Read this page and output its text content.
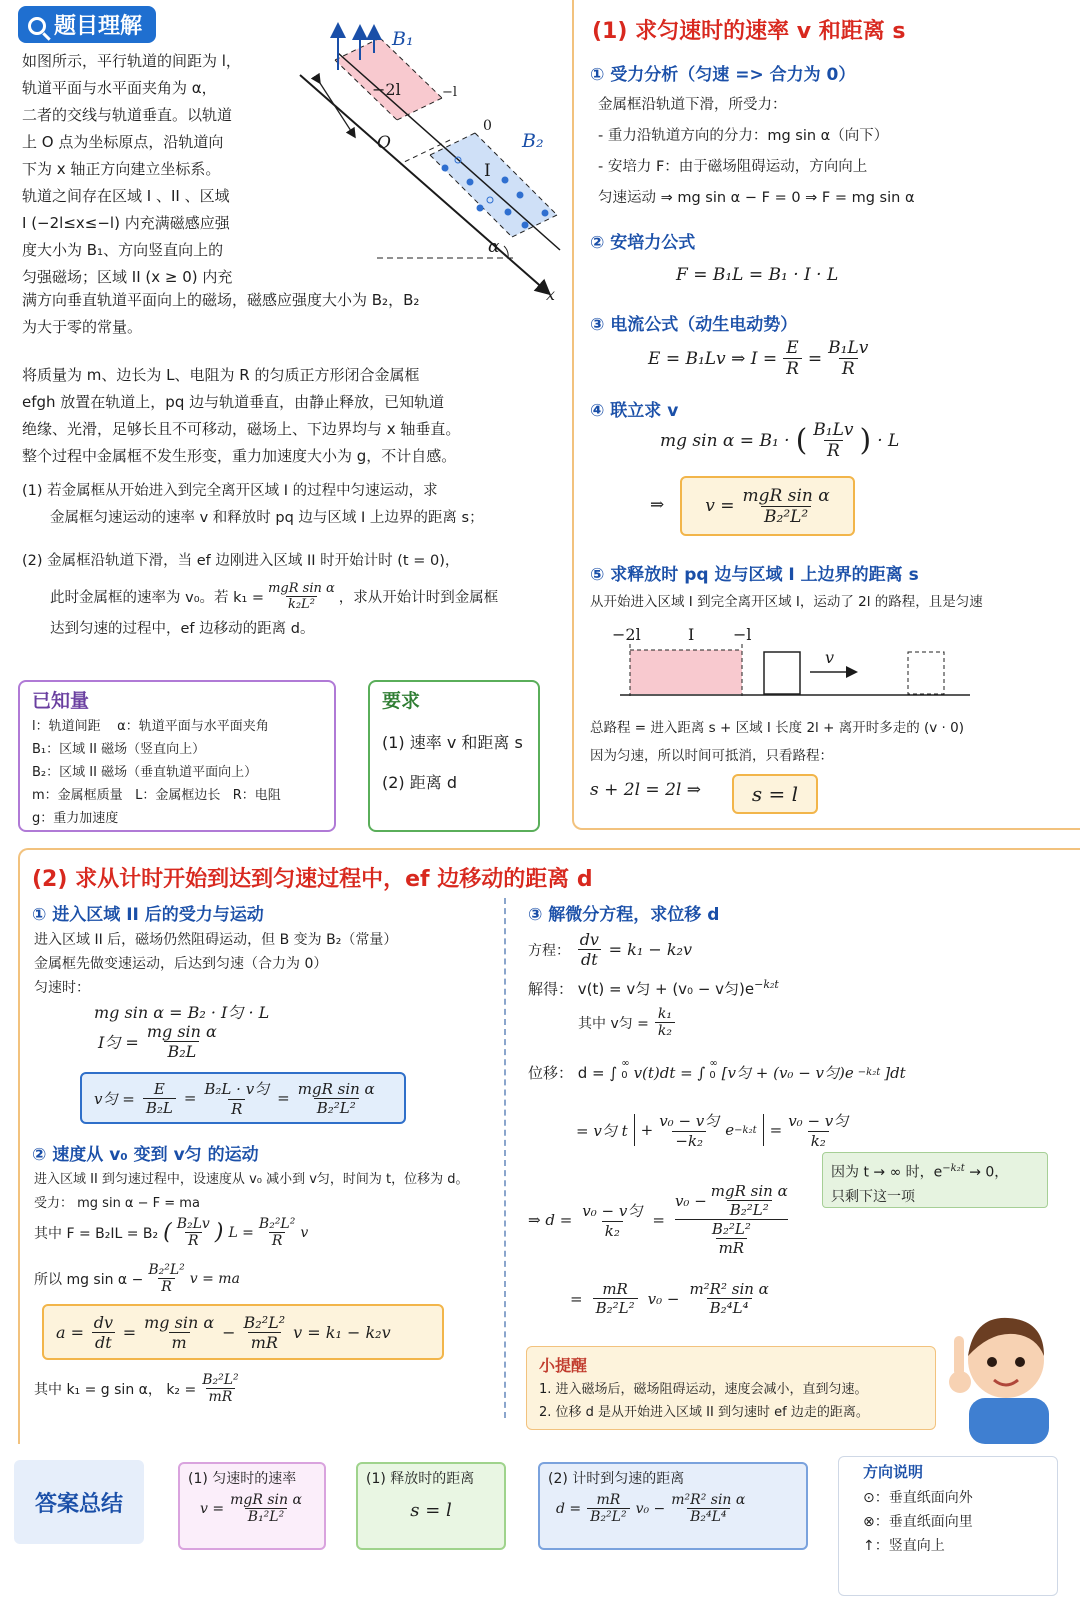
题目理解
如图所示，平行轨道的间距为 l，
轨道平面与水平面夹角为 α，
二者的交线与轨道垂直。以轨道
上 O 点为坐标原点，沿轨道向
下为 x 轴正方向建立坐标系。
轨道之间存在区域 I 、II 、区域
I (−2l≤x≤−l) 内充满磁感应强
度大小为 B₁、方向竖直向上的
匀强磁场；区域 II (x ≥ 0) 内充
满方向垂直轨道平面向上的磁场，磁感应强度大小为 B₂，B₂
为大于零的常量。
将质量为 m、边长为 L、电阻为 R 的匀质正方形闭合金属框
efgh 放置在轨道上，pq 边与轨道垂直，由静止释放，已知轨道
绝缘、光滑，足够长且不可移动，磁场上、下边界均与 x 轴垂直。
整个过程中金属框不发生形变，重力加速度大小为 g，不计自感。
(1) 若金属框从开始进入到完全离开区域 I 的过程中匀速运动，求
金属框匀速运动的速率 v 和释放时 pq 边与区域 I 上边界的距离 s；
(2) 金属框沿轨道下滑，当 ef 边刚进入区域 II 时开始计时 (t = 0)，
此时金属框的速率为 v₀。若 k₁ =
mgR sin α
k₂L² ，求从开始计时到金属框
达到匀速的过程中，ef 边移动的距离 d。
B₁
B₂
−2l	−l
0
O
I
α
x
已知量
l：轨道间距 α：轨道平面与水平面夹角
B₁：区域 II 磁场（竖直向上）
B₂：区域 II 磁场（垂直轨道平面向上）
m：金属框质量 L：金属框边长 R：电阻
g：重力加速度
要求
(1) 速率 v 和距离 s
(2) 距离 d
(1) 求匀速时的速率 v 和距离 s
① 受力分析（匀速 => 合力为 0）
金属框沿轨道下滑，所受力：
- 重力沿轨道方向的分力：mg sin α（向下）
- 安培力 F：由于磁场阻碍运动，方向向上
匀速运动 ⇒ mg sin α − F = 0 ⇒ F = mg sin α
② 安培力公式
F = B₁L = B₁ · I · L
③ 电流公式（动生电动势）
E = B₁Lv ⇒ $I = \frac{E}{R} = \frac{\text{B₁Lv}}{R}$
④ 联立求 v
mg sin α = B₁ · ( B₁Lv
R ) · L
⇒ v =
mgR sin α
B₂²L²
⑤ 求释放时 pq 边与区域 I 上边界的距离 s
从开始进入区域 I 到完全离开区域 I，运动了 2l 的路程，且是匀速
−2l	I −l
v
总路程 = 进入距离 s + 区域 I 长度 2l + 离开时多走的 (v · 0)
因为匀速，所以时间可抵消，只看路程：
s + 2l = 2l ⇒	s = l
(2) 求从计时开始到达到匀速过程中，ef 边移动的距离 d
① 进入区域 II 后的受力与运动
进入区域 II 后，磁场仍然阻碍运动，但 B 变为 B₂（常量）
金属框先做变速运动，后达到匀速（合力为 0）
匀速时：
mg sin α = B₂ · I匀 · L
I匀 = $\frac{\text{mg sin α}}{\text{B₂L}}$
v匀 = $\frac{E}{\text{B₂L}} = B_2L \cdot v$匀
R
=
mgR sin α
B₂²L²
② 速度从 v₀ 变到 v匀 的运动
进入区域 II 到匀速过程中，设速度从 v₀ 减小到 v匀，时间为 t，位移为 d。
受力： mg sin α − F = ma
其中 F = B₂IL = B₂ ( B₂Lv
R ) $L = \frac{\text{B₂²L²}}{R}$ v
所以 mg $\sin \alpha - \frac{\text{B₂²L²}}{R}$ v = ma
$a = \frac{dv}{dt} = \frac{\text{mg sin α}}{m} - \frac{\text{B₂²L²}}{mR}$ v = k₁ − k₂v
其中 k₁ = g sin α， $k_2 = \frac{\text{B₂²L²}}{mR}$
③ 解微分方程，求位移 d
方程： $\frac{dv}{dt} = k_1 - k_2v$
解得： v(t) = v匀 + (v₀ − v匀)$e^{-k_2t}$
其中 v匀 = $\frac{\text{k₁}}{\text{k₂}}$
位移： d = ∫
∞
0 v(t)dt = ∫
∞
0 [v匀 + (v₀ − v匀)e −k₂t ]dt
= v匀 t + v₀ − v匀
−k₂
e −k₂t = v₀ − v匀
k₂
因为 t → ∞ 时，$e^{-k_2t} \to 0$，
只剩下这一项
⇒ d = v₀ − v匀
k₂
=
v₀ −
mgR sin α
B₂²L²
B₂²L²
mR
= $\frac{mR}{\text{B₂²L²}} v_0 - \frac{\text{m²R² sin α}}{\text{B₂⁴L⁴}}$
小提醒
1. 进入磁场后，磁场阻碍运动，速度会减小，直到匀速。
2. 位移 d 是从开始进入区域 II 到匀速时 ef 边走的距离。
答案总结
(1) 匀速时的速率
v =
mgR sin α
B₁²L²
(1) 释放时的距离
s = l
(2) 计时到匀速的距离
$d = \frac{mR}{\text{B₂²L²}} v_0 - \frac{\text{m²R² sin α}}{\text{B₂⁴L⁴}}$
方向说明
⊙：垂直纸面向外
⊗：垂直纸面向里
↑：竖直向上
